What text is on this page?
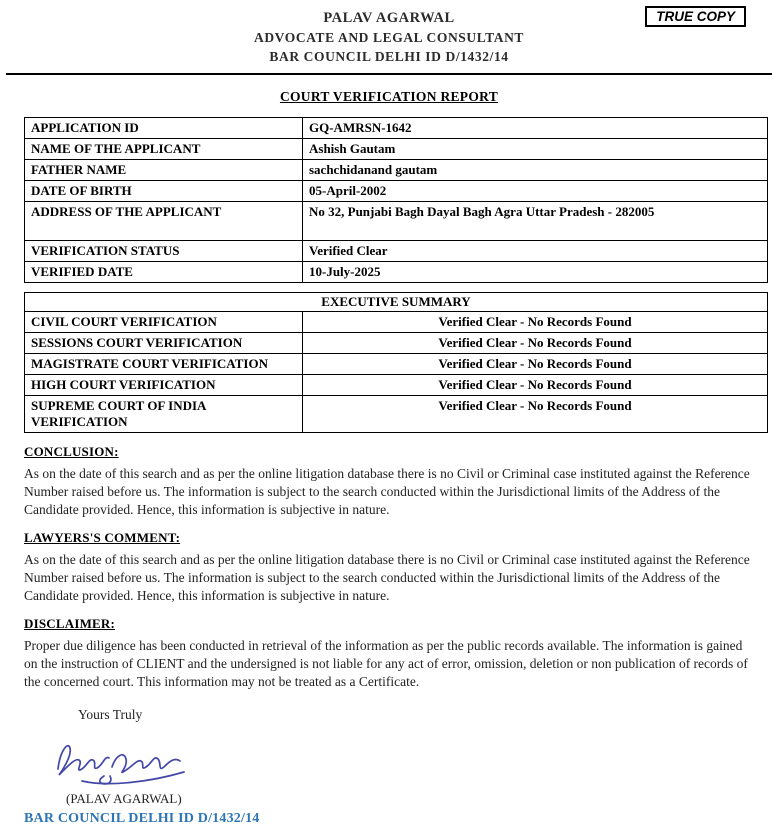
TRUE COPY
PALAV AGARWAL
ADVOCATE AND LEGAL CONSULTANT
BAR COUNCIL DELHI ID D/1432/14
COURT VERIFICATION REPORT
APPLICATION ID	GQ-AMRSN-1642
NAME OF THE APPLICANT	Ashish Gautam
FATHER NAME	sachchidanand gautam
DATE OF BIRTH	05-April-2002
ADDRESS OF THE APPLICANT	No 32, Punjabi Bagh Dayal Bagh Agra Uttar Pradesh - 282005
VERIFICATION STATUS	Verified Clear
VERIFIED DATE	10-July-2025
EXECUTIVE SUMMARY	
CIVIL COURT VERIFICATION	Verified Clear - No Records Found
SESSIONS COURT VERIFICATION	Verified Clear - No Records Found
MAGISTRATE COURT VERIFICATION	Verified Clear - No Records Found
HIGH COURT VERIFICATION	Verified Clear - No Records Found
SUPREME COURT OF INDIA VERIFICATION	Verified Clear - No Records Found
CONCLUSION:
As on the date of this search and as per the online litigation database there is no Civil or Criminal case instituted against the Reference Number raised before us. The information is subject to the search conducted within the Jurisdictional limits of the Address of the Candidate provided. Hence, this information is subjective in nature.
LAWYERS'S COMMENT:
As on the date of this search and as per the online litigation database there is no Civil or Criminal case instituted against the Reference Number raised before us. The information is subject to the search conducted within the Jurisdictional limits of the Address of the Candidate provided. Hence, this information is subjective in nature.
DISCLAIMER:
Proper due diligence has been conducted in retrieval of the information as per the public records available. The information is gained on the instruction of CLIENT and the undersigned is not liable for any act of error, omission, deletion or non publication of records of the concerned court. This information may not be treated as a Certificate.
Yours Truly
(PALAV AGARWAL)
BAR COUNCIL DELHI ID D/1432/14
